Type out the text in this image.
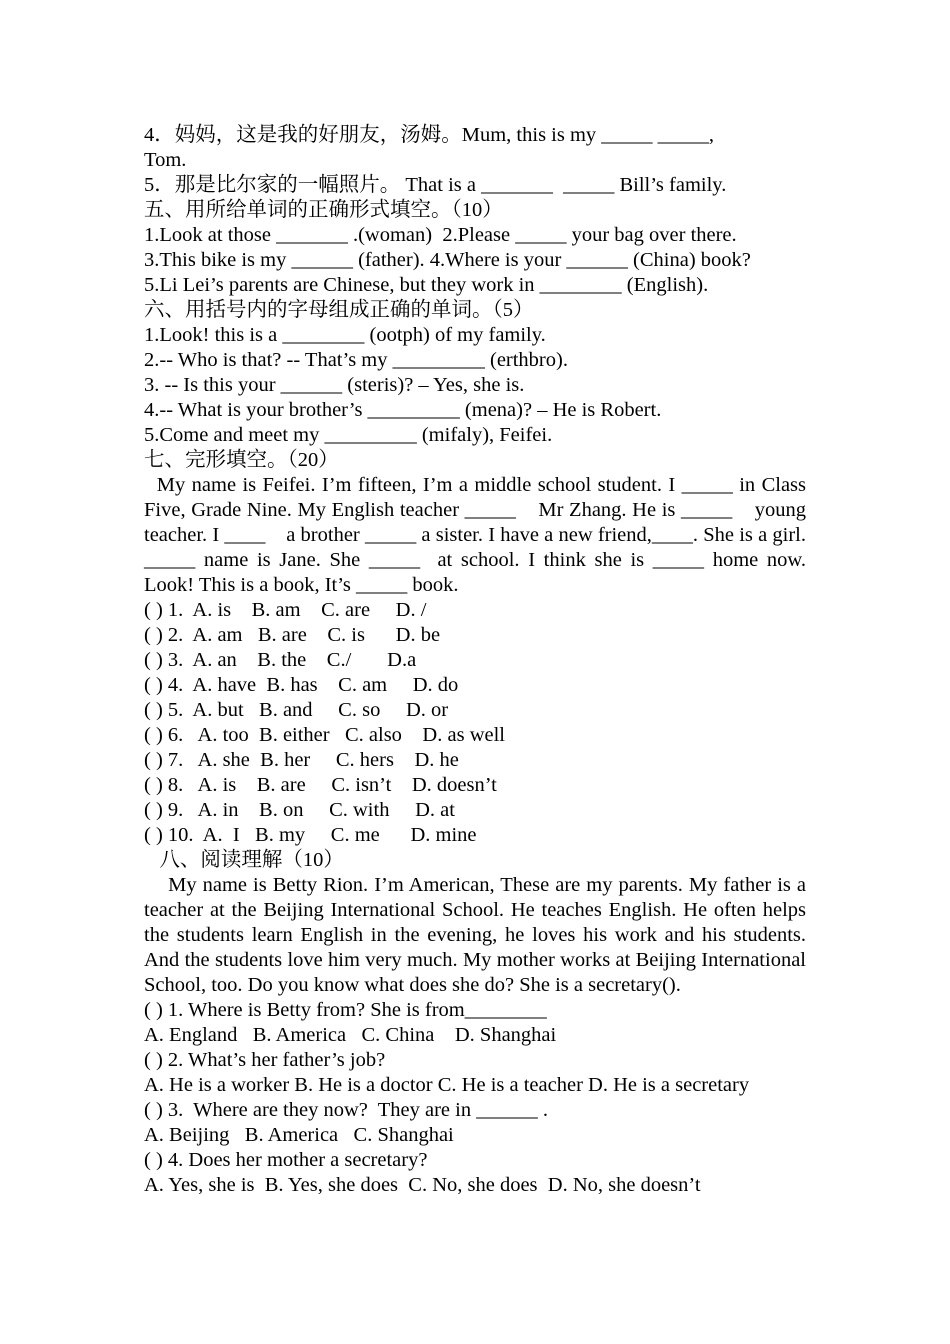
4．妈妈，这是我的好朋友，汤姆。Mum, this is my _____ _____,
Tom.
5．那是比尔家的一幅照片。 That is a _______  _____ Bill’s family.
五、用所给单词的正确形式填空。（10）
1.Look at those _______ .(woman)  2.Please _____ your bag over there.
3.This bike is my ______ (father). 4.Where is your ______ (China) book?
5.Li Lei’s parents are Chinese, but they work in ________ (English).
六、用括号内的字母组成正确的单词。（5）
1.Look! this is a ________ (ootph) of my family.
2.-- Who is that? -- That’s my _________ (erthbro).
3. -- Is this your ______ (steris)? – Yes, she is.
4.-- What is your brother’s _________ (mena)? – He is Robert.
5.Come and meet my _________ (mifaly), Feifei.
七、完形填空。（20）
My name is Feifei. I’m fifteen, I’m a middle school student. I _____ in Class Five, Grade Nine. My English teacher _____    Mr Zhang. He is _____    young teacher. I ____    a brother _____ a sister. I have a new friend,____. She is a girl. _____ name is Jane. She _____  at school. I think she is _____ home now. Look! This is a book, It’s _____ book.
( ) 1.  A. is    B. am    C. are     D. /
( ) 2.  A. am   B. are    C. is      D. be
( ) 3.  A. an    B. the    C./       D.a
( ) 4.  A. have  B. has    C. am     D. do
( ) 5.  A. but   B. and     C. so     D. or
( ) 6.   A. too  B. either   C. also    D. as well
( ) 7.   A. she  B. her     C. hers    D. he
( ) 8.   A. is    B. are     C. isn’t    D. doesn’t
( ) 9.   A. in    B. on     C. with     D. at
( ) 10.  A.  I   B. my     C. me      D. mine
八、阅读理解（10）
My name is Betty Rion. I’m American, These are my parents. My father is a teacher at the Beijing International School. He teaches English. He often helps the students learn English in the evening, he loves his work and his students. And the students love him very much. My mother works at Beijing International School, too. Do you know what does she do? She is a secretary().
( ) 1. Where is Betty from? She is from________
A. England   B. America   C. China    D. Shanghai
( ) 2. What’s her father’s job?
A. He is a worker B. He is a doctor C. He is a teacher D. He is a secretary
( ) 3.  Where are they now?  They are in ______ .
A. Beijing   B. America   C. Shanghai
( ) 4. Does her mother a secretary?
A. Yes, she is  B. Yes, she does  C. No, she does  D. No, she doesn’t
